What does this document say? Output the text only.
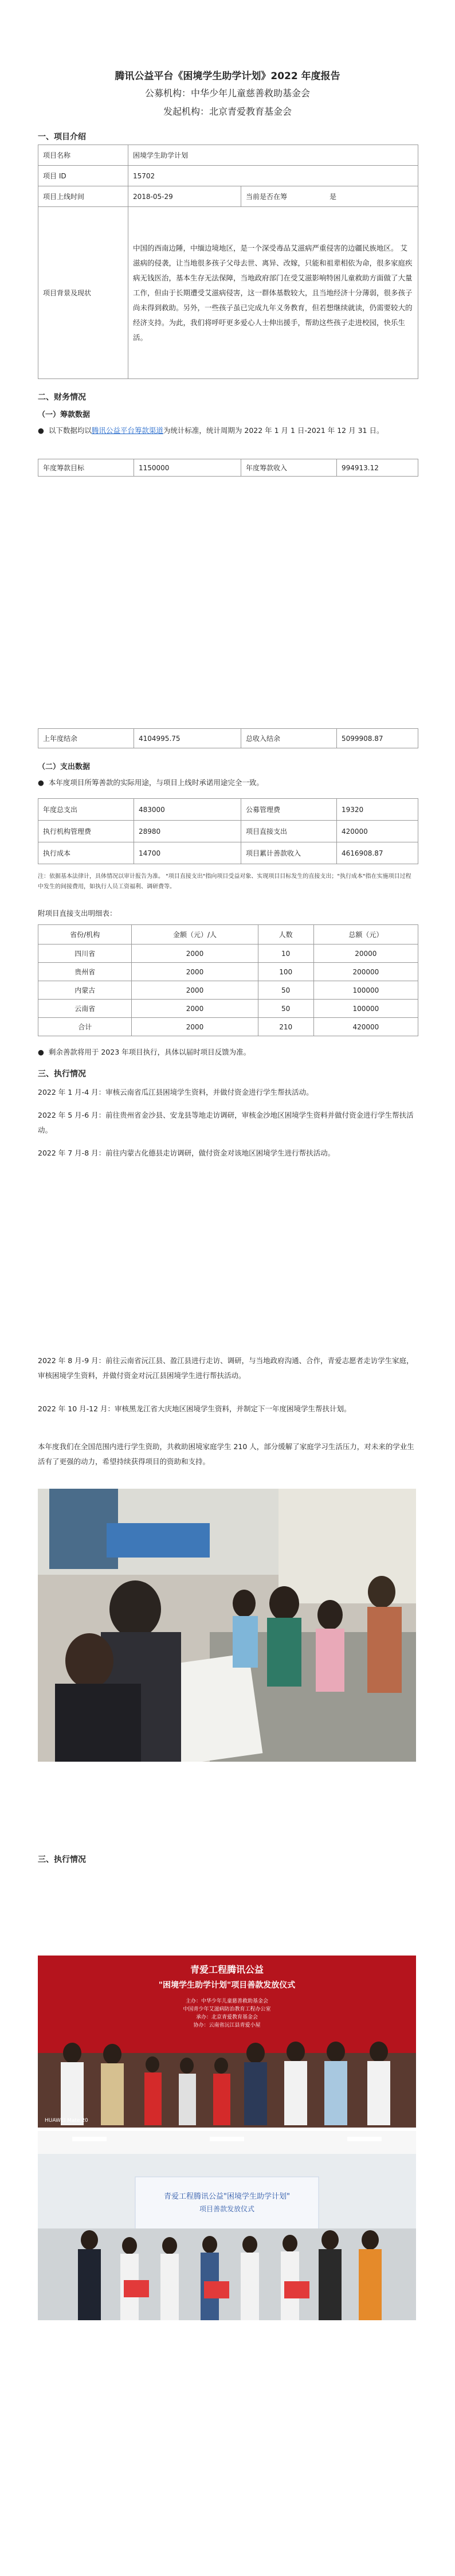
腾讯公益平台《困境学生助学计划》2022 年度报告
公募机构：中华少年儿童慈善救助基金会
发起机构：北京青爱教育基金会
一、项目介绍
项目名称	困境学生助学计划		
项目 ID	15702		
项目上线时间	2018-05-29	当前是否在筹	是
项目背景及现状	中国的西南边陲，中缅边境地区，是一个深受毒品艾滋病严重侵害的边疆民族地区。 艾滋病的侵袭，让当地很多孩子父母去世、离异、改嫁，只能和祖辈相依为命，很多家庭疾病无钱医治，基本生存无法保障，当地政府部门在受艾滋影响特困儿童救助方面做了大量工作，但由于长期遭受艾滋病侵害，这一群体基数较大，且当地经济十分薄弱，很多孩子尚未得到救助。另外，一些孩子虽已完成九年义务教育，但若想继续就读，仍需要较大的经济支持。为此，我们将呼吁更多爱心人士伸出援手，帮助这些孩子走进校园，快乐生活。		
二、财务情况
（一）筹款数据
●  以下数据均以腾讯公益平台筹款渠道为统计标准，统计周期为 2022 年 1 月 1 日-2021 年 12 月 31 日。
年度筹款目标	1150000	年度筹款收入	994913.12
上年度结余	4104995.75	总收入结余	5099908.87
（二）支出数据
●  本年度项目所筹善款的实际用途，与项目上线时承诺用途完全一致。
年度总支出	483000	公募管理费	19320
执行机构管理费	28980	项目直接支出	420000
执行成本	14700	项目累计善款收入	4616908.87
注：依据基本法律计，具体情况以审计报告为准。 "项目直接支出"指向项目受益对象、实现项目目标发生的直接支出；"执行成本"指在实施项目过程中发生的间接费用，如执行人员工资福利、调研费等。
附项目直接支出明细表：
省份/机构	金额（元）/人	人数	总额（元）
四川省	2000	10	20000
贵州省	2000	100	200000
内蒙古	2000	50	100000
云南省	2000	50	100000
合计	2000	210	420000
●  剩余善款将用于 2023 年项目执行，具体以届时项目反馈为准。
三、执行情况
2022 年 1 月-4 月：审核云南省瓜江县困境学生资料，并做付资金进行学生帮扶活动。
2022 年 5 月-6 月：前往贵州省金沙县、安龙县等地走访调研，审核金沙地区困境学生资料并做付资金进行学生帮扶活动。
2022 年 7 月-8 月：前往内蒙古化德县走访调研，做付资金对该地区困境学生进行帮扶活动。
2022 年 8 月-9 月：前往云南省沅江县、盈江县进行走访、调研，与当地政府沟通、合作，青爱志愿者走访学生家庭，审核困境学生资料，并做付资金对沅江县困境学生进行帮扶活动。
2022 年 10 月-12 月：审核黑龙江省大庆地区困境学生资料，并制定下一年度困境学生帮扶计划。
本年度我们在全国范围内进行学生资助，共救助困境家庭学生 210 人，部分缓解了家庭学习生活压力，对未来的学业生活有了更强的动力，希望持续获得项目的资助和支持。
三、执行情况
青爱工程腾讯公益
"困境学生助学计划"项目善款发放仪式
主办：中华少年儿童慈善救助基金会
中国青少年艾滋病防治教育工程办公室
承办：北京青爱教育基金会
协办：云南省沅江县青爱小屋
HUAWEI Mate 20
青爱工程腾讯公益"困境学生助学计划"
项目善款发放仪式
